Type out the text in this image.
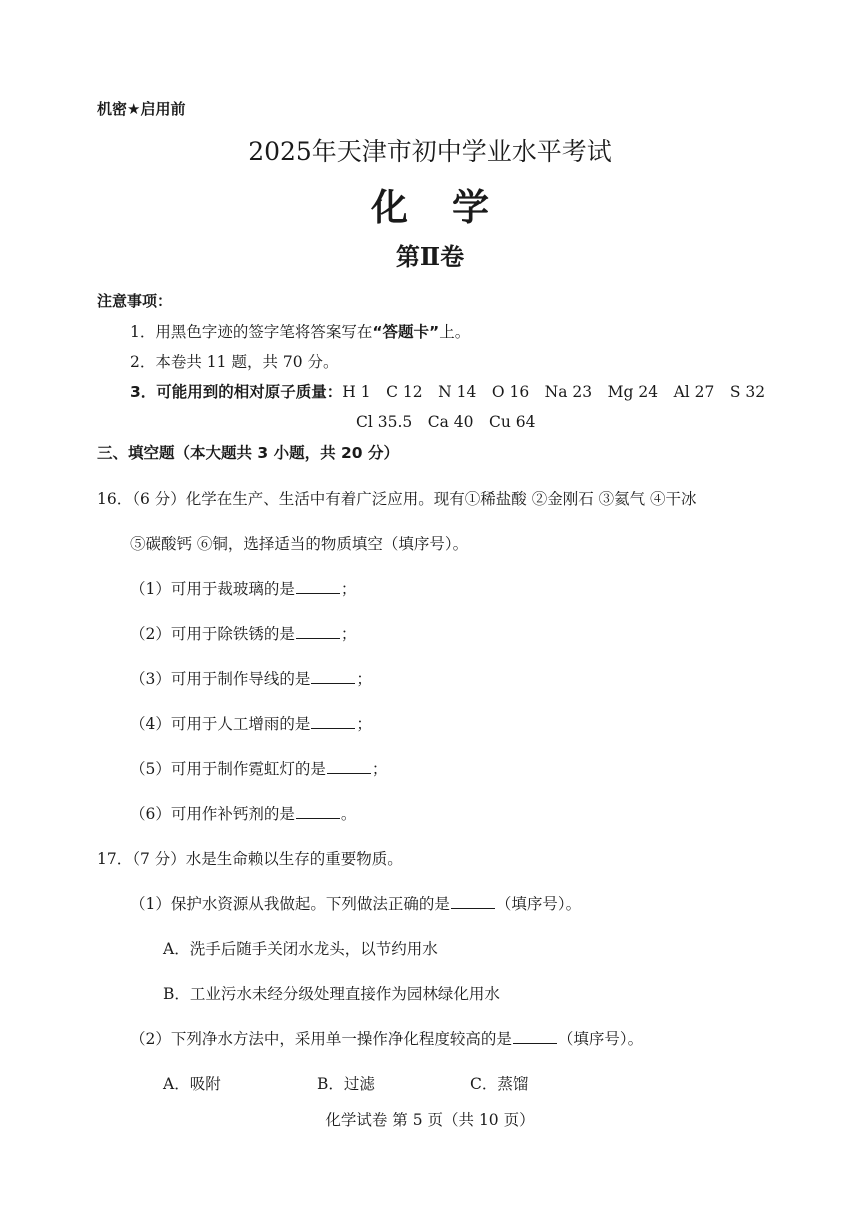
机密★启用前
2025年天津市初中学业水平考试
化学
第Ⅱ卷
注意事项：
1．用黑色字迹的签字笔将答案写在“答题卡”上。
2．本卷共 11 题，共 70 分。
3．可能用到的相对原子质量：H 1　C 12　N 14　O 16　Na 23　Mg 24　Al 27　S 32
Cl 35.5　Ca 40　Cu 64
三、填空题（本大题共 3 小题，共 20 分）
16．（6 分）化学在生产、生活中有着广泛应用。现有①稀盐酸 ②金刚石 ③氦气 ④干冰
⑤碳酸钙 ⑥铜，选择适当的物质填空（填序号）。
（1）可用于裁玻璃的是	；
（2）可用于除铁锈的是	；
（3）可用于制作导线的是	；
（4）可用于人工增雨的是	；
（5）可用于制作霓虹灯的是	；
（6）可用作补钙剂的是	。
17．（7 分）水是生命赖以生存的重要物质。
（1）保护水资源从我做起。下列做法正确的是	（填序号）。
A．洗手后随手关闭水龙头，以节约用水
B．工业污水未经分级处理直接作为园林绿化用水
（2）下列净水方法中，采用单一操作净化程度较高的是	（填序号）。
A．吸附	B．过滤	C．蒸馏
化学试卷 第 5 页（共 10 页）
